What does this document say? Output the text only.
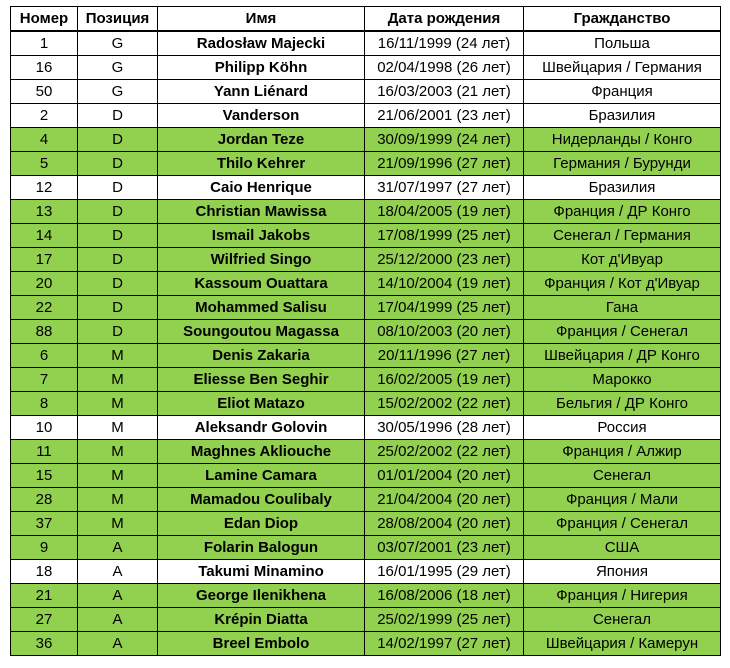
Номер	Позиция	Имя	Дата рождения	Гражданство
1	G	Radosław Majecki	16/11/1999 (24 лет)	Польша
16	G	Philipp Köhn	02/04/1998 (26 лет)	Швейцария / Германия
50	G	Yann Liénard	16/03/2003 (21 лет)	Франция
2	D	Vanderson	21/06/2001 (23 лет)	Бразилия
4	D	Jordan Teze	30/09/1999 (24 лет)	Нидерланды / Конго
5	D	Thilo Kehrer	21/09/1996 (27 лет)	Германия / Бурунди
12	D	Caio Henrique	31/07/1997 (27 лет)	Бразилия
13	D	Christian Mawissa	18/04/2005 (19 лет)	Франция / ДР Конго
14	D	Ismail Jakobs	17/08/1999 (25 лет)	Сенегал / Германия
17	D	Wilfried Singo	25/12/2000 (23 лет)	Кот д'Ивуар
20	D	Kassoum Ouattara	14/10/2004 (19 лет)	Франция / Кот д'Ивуар
22	D	Mohammed Salisu	17/04/1999 (25 лет)	Гана
88	D	Soungoutou Magassa	08/10/2003 (20 лет)	Франция / Сенегал
6	M	Denis Zakaria	20/11/1996 (27 лет)	Швейцария / ДР Конго
7	M	Eliesse Ben Seghir	16/02/2005 (19 лет)	Марокко
8	M	Eliot Matazo	15/02/2002 (22 лет)	Бельгия / ДР Конго
10	M	Aleksandr Golovin	30/05/1996 (28 лет)	Россия
11	M	Maghnes Akliouche	25/02/2002 (22 лет)	Франция / Алжир
15	M	Lamine Camara	01/01/2004 (20 лет)	Сенегал
28	M	Mamadou Coulibaly	21/04/2004 (20 лет)	Франция / Мали
37	M	Edan Diop	28/08/2004 (20 лет)	Франция / Сенегал
9	A	Folarin Balogun	03/07/2001 (23 лет)	США
18	A	Takumi Minamino	16/01/1995 (29 лет)	Япония
21	A	George Ilenikhena	16/08/2006 (18 лет)	Франция / Нигерия
27	A	Krépin Diatta	25/02/1999 (25 лет)	Сенегал
36	A	Breel Embolo	14/02/1997 (27 лет)	Швейцария / Камерун
